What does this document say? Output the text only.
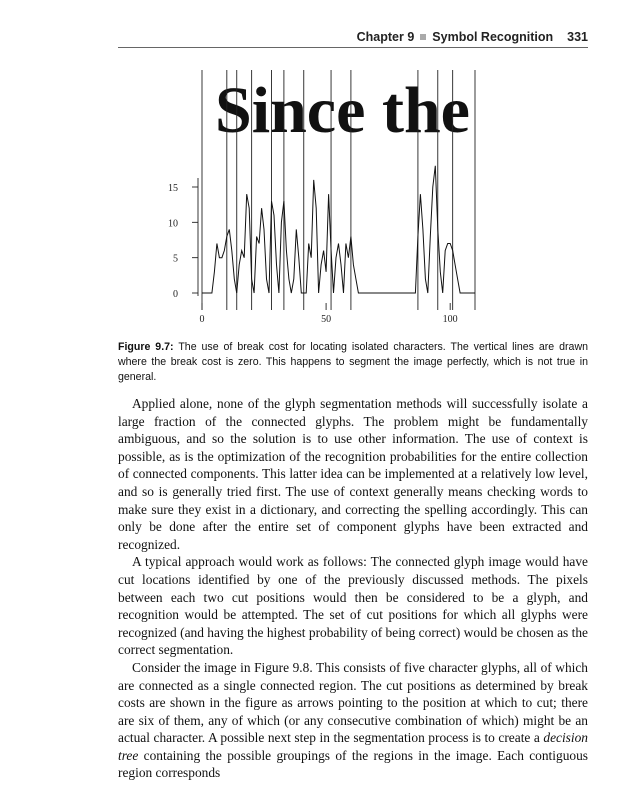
Chapter 9 Symbol Recognition 331
Since the
15
10
5
0
0	50	100
Figure 9.7: The use of break cost for locating isolated characters. The vertical lines are drawn where the break cost is zero. This happens to segment the image perfectly, which is not true in general.

Applied alone, none of the glyph segmentation methods will successfully isolate a large fraction of the connected glyphs. The problem might be fundamentally ambiguous, and so the solution is to use other information. The use of context is possible, as is the optimization of the recognition probabilities for the entire collection of connected components. This latter idea can be implemented at a relatively low level, and so is generally tried first. The use of context generally means checking words to make sure they exist in a dictionary, and correcting the spelling accordingly. This can only be done after the entire set of component glyphs have been extracted and recognized.

A typical approach would work as follows: The connected glyph image would have cut locations identified by one of the previously discussed methods. The pixels between each two cut positions would then be considered to be a glyph, and recognition would be attempted. The set of cut positions for which all glyphs were recognized (and having the highest probability of being correct) would be chosen as the correct segmentation.

Consider the image in Figure 9.8. This consists of five character glyphs, all of which are connected as a single connected region. The cut positions as determined by break costs are shown in the figure as arrows pointing to the position at which to cut; there are six of them, any of which (or any consecutive combination of which) might be an actual character. A possible next step in the segmentation process is to create a decision tree containing the possible groupings of the regions in the image. Each contiguous region corresponds
